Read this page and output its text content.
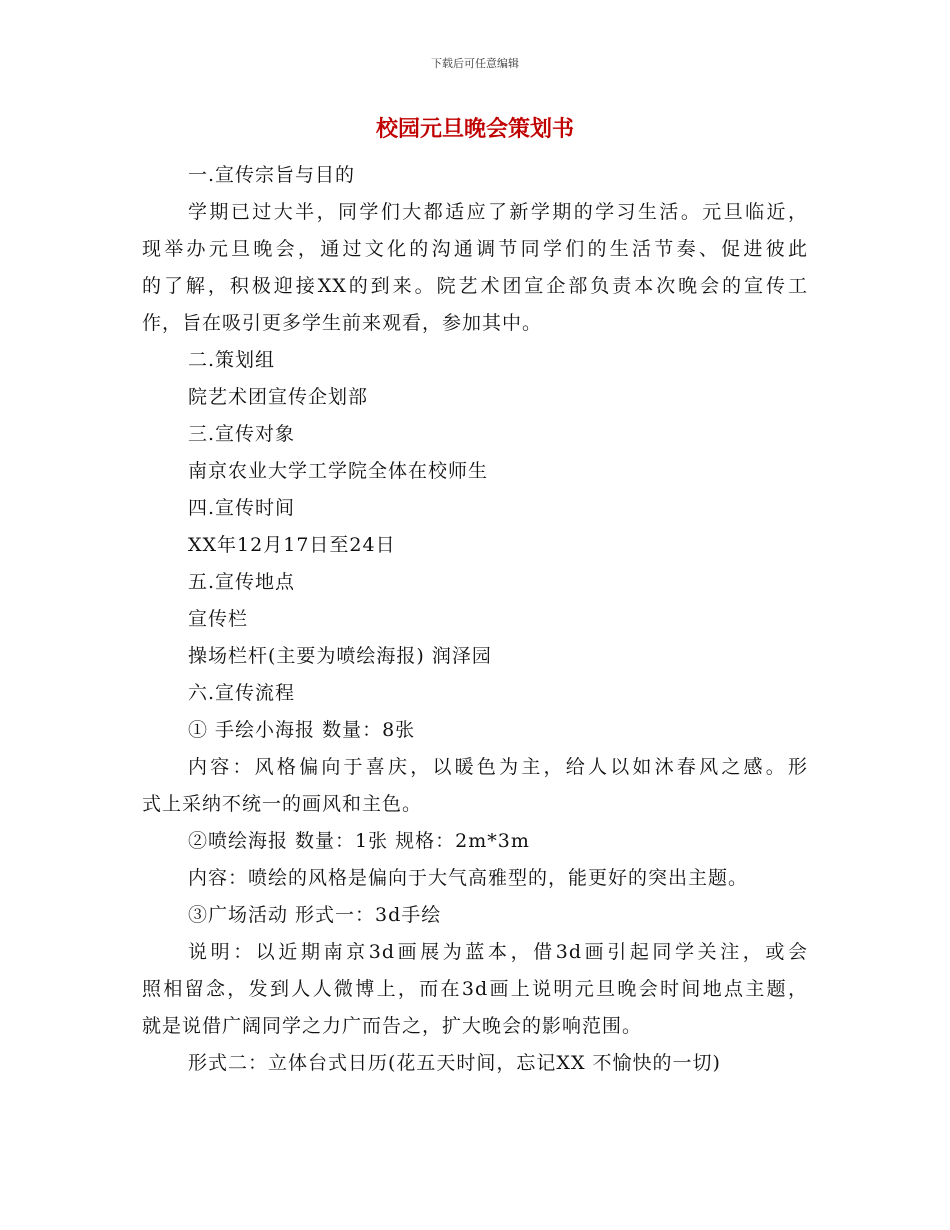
下载后可任意编辑
校园元旦晚会策划书
一.宣传宗旨与目的
学期已过大半，同学们大都适应了新学期的学习生活。元旦临近，
现举办元旦晚会，通过文化的沟通调节同学们的生活节奏、促进彼此
的了解，积极迎接XX的到来。院艺术团宣企部负责本次晚会的宣传工
作，旨在吸引更多学生前来观看，参加其中。
二.策划组
院艺术团宣传企划部
三.宣传对象
南京农业大学工学院全体在校师生
四.宣传时间
XX年12月17日至24日
五.宣传地点
宣传栏
操场栏杆(主要为喷绘海报) 润泽园
六.宣传流程
① 手绘小海报 数量：8张
内容：风格偏向于喜庆，以暖色为主，给人以如沐春风之感。形
式上采纳不统一的画风和主色。
②喷绘海报 数量：1张 规格：2m*3m
内容：喷绘的风格是偏向于大气高雅型的，能更好的突出主题。
③广场活动 形式一：3d手绘
说明：以近期南京3d画展为蓝本，借3d画引起同学关注，或会
照相留念，发到人人微博上，而在3d画上说明元旦晚会时间地点主题，
就是说借广阔同学之力广而告之，扩大晚会的影响范围。
形式二：立体台式日历(花五天时间，忘记XX 不愉快的一切)
